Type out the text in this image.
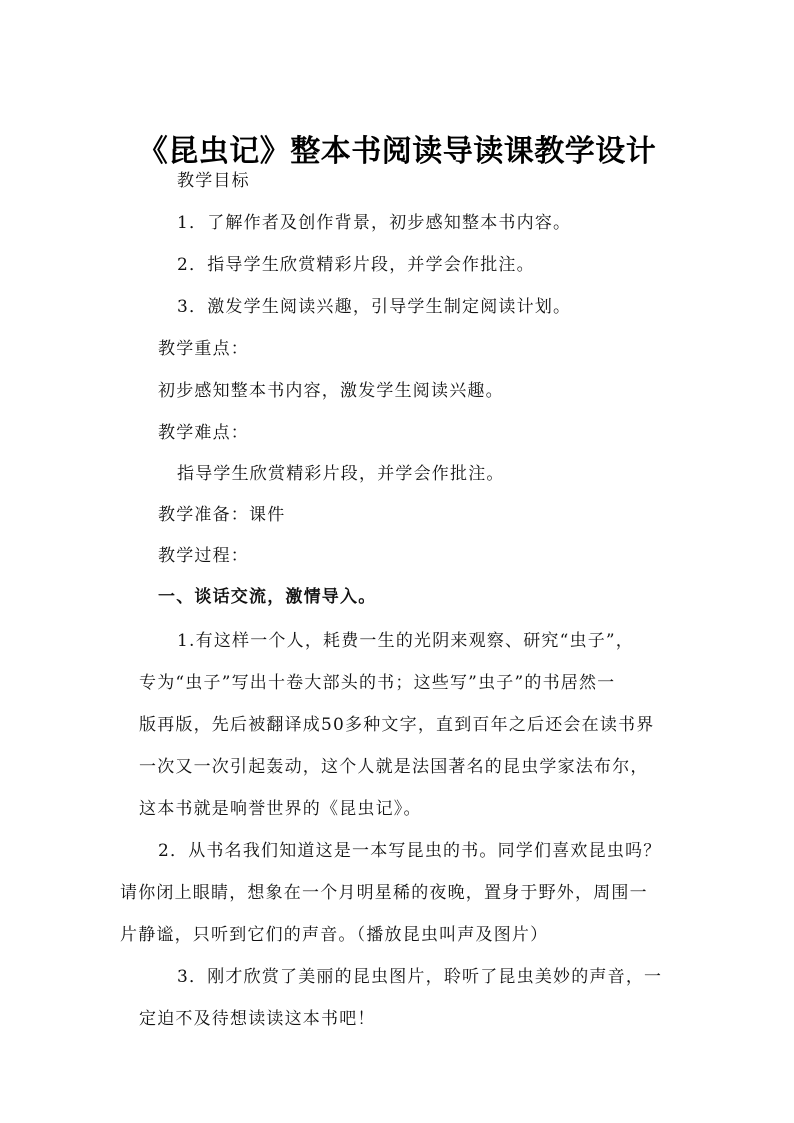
《昆虫记》整本书阅读导读课教学设计
教学目标
1．了解作者及创作背景，初步感知整本书内容。
2．指导学生欣赏精彩片段，并学会作批注。
3．激发学生阅读兴趣，引导学生制定阅读计划。
教学重点：
初步感知整本书内容，激发学生阅读兴趣。
教学难点：
指导学生欣赏精彩片段，并学会作批注。
教学准备：课件
教学过程：
一、谈话交流，激情导入。
1.有这样一个人，耗费一生的光阴来观察、研究“虫子”，
专为“虫子”写出十卷大部头的书；这些写”虫子”的书居然一
版再版，先后被翻译成50多种文字，直到百年之后还会在读书界
一次又一次引起轰动，这个人就是法国著名的昆虫学家法布尔，
这本书就是响誉世界的《昆虫记》。
2．从书名我们知道这是一本写昆虫的书。同学们喜欢昆虫吗？
请你闭上眼睛，想象在一个月明星稀的夜晚，置身于野外，周围一
片静谧，只听到它们的声音。（播放昆虫叫声及图片）
3．刚才欣赏了美丽的昆虫图片，聆听了昆虫美妙的声音，一
定迫不及待想读读这本书吧！
